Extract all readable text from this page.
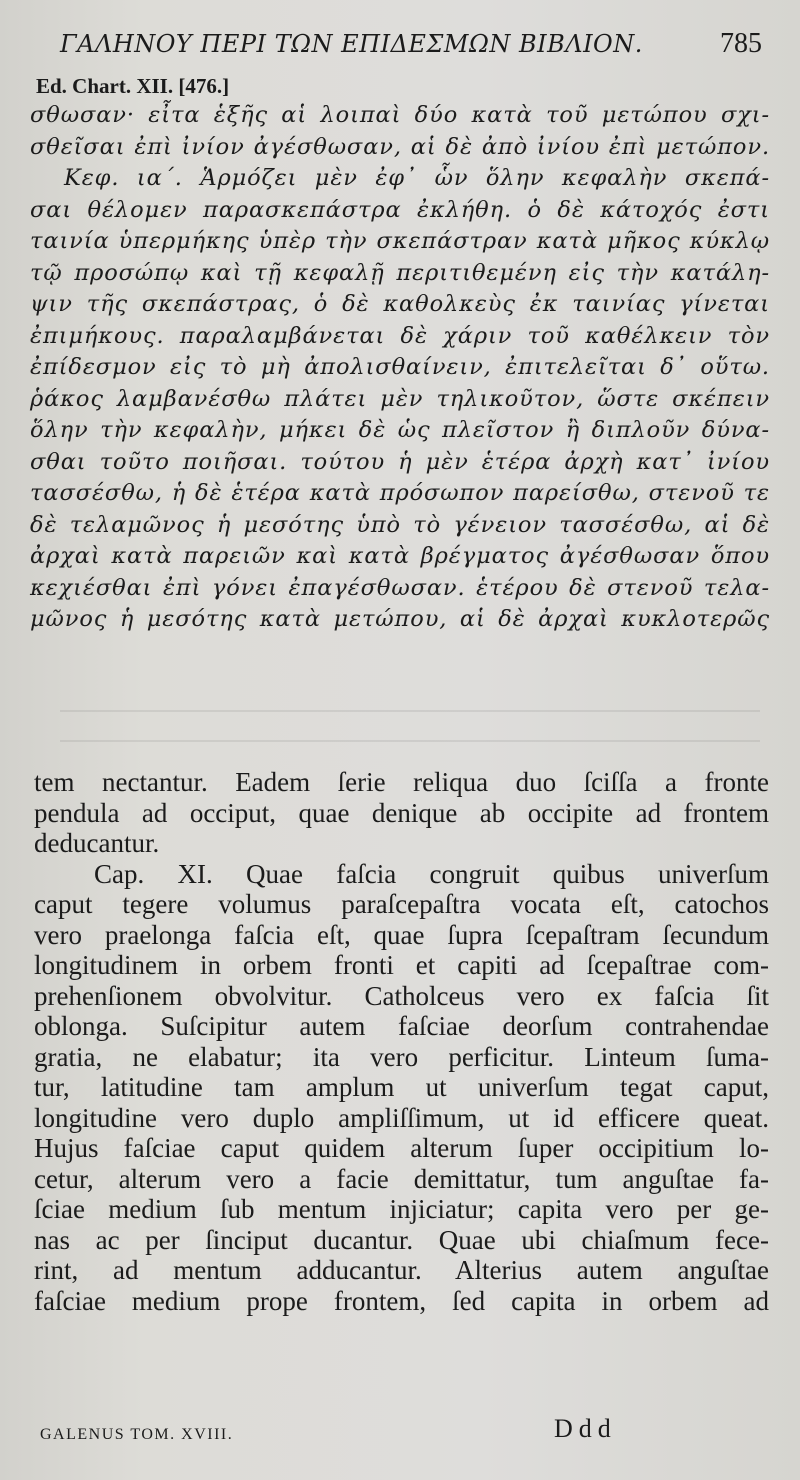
ΓΑΛΗΝΟΥ ΠΕΡΙ ΤΩΝ ΕΠΙΔΕΣΜΩΝ ΒΙΒΛΙΟΝ.	785
Ed. Chart. XII. [476.]
σθωσαν· εἶτα ἑξῆς αἱ λοιπαὶ δύο κατὰ τοῦ μετώπου σχι-
σθεῖσαι ἐπὶ ἰνίον ἀγέσθωσαν, αἱ δὲ ἀπὸ ἰνίου ἐπὶ μετώπον.
Κεφ. ια΄. Ἁρμόζει μὲν ἐφ᾽ ὧν ὅλην κεφαλὴν σκεπά-
σαι θέλομεν παρασκεπάστρα ἐκλήθη. ὁ δὲ κάτοχός ἐστι
ταινία ὑπερμήκης ὑπὲρ τὴν σκεπάστραν κατὰ μῆκος κύκλῳ
τῷ προσώπῳ καὶ τῇ κεφαλῇ περιτιθεμένη εἰς τὴν κατάλη-
ψιν τῆς σκεπάστρας, ὁ δὲ καθολκεὺς ἐκ ταινίας γίνεται
ἐπιμήκους. παραλαμβάνεται δὲ χάριν τοῦ καθέλκειν τὸν
ἐπίδεσμον εἰς τὸ μὴ ἀπολισθαίνειν, ἐπιτελεῖται δ᾽ οὕτω.
ῥάκος λαμβανέσθω πλάτει μὲν τηλικοῦτον, ὥστε σκέπειν
ὅλην τὴν κεφαλὴν, μήκει δὲ ὡς πλεῖστον ἢ διπλοῦν δύνα-
σθαι τοῦτο ποιῆσαι. τούτου ἡ μὲν ἑτέρα ἀρχὴ κατ᾽ ἰνίου
τασσέσθω, ἡ δὲ ἑτέρα κατὰ πρόσωπον παρείσθω, στενοῦ τε
δὲ τελαμῶνος ἡ μεσότης ὑπὸ τὸ γένειον τασσέσθω, αἱ δὲ
ἀρχαὶ κατὰ παρειῶν καὶ κατὰ βρέγματος ἀγέσθωσαν ὅπου
κεχιέσθαι ἐπὶ γόνει ἐπαγέσθωσαν. ἑτέρου δὲ στενοῦ τελα-
μῶνος ἡ μεσότης κατὰ μετώπου, αἱ δὲ ἀρχαὶ κυκλοτερῶς
tem nectantur. Eadem ſerie reliqua duo ſciſſa a fronte
pendula ad occiput, quae denique ab occipite ad frontem
deducantur.
Cap. XI. Quae faſcia congruit quibus univerſum
caput tegere volumus paraſcepaſtra vocata eſt, catochos
vero praelonga faſcia eſt, quae ſupra ſcepaſtram ſecundum
longitudinem in orbem fronti et capiti ad ſcepaſtrae com-
prehenſionem obvolvitur. Catholceus vero ex faſcia ſit
oblonga. Suſcipitur autem faſciae deorſum contrahendae
gratia, ne elabatur; ita vero perficitur. Linteum ſuma-
tur, latitudine tam amplum ut univerſum tegat caput,
longitudine vero duplo ampliſſimum, ut id efficere queat.
Hujus faſciae caput quidem alterum ſuper occipitium lo-
cetur, alterum vero a facie demittatur, tum anguſtae fa-
ſciae medium ſub mentum injiciatur; capita vero per ge-
nas ac per ſinciput ducantur. Quae ubi chiaſmum fece-
rint, ad mentum adducantur. Alterius autem anguſtae
faſciae medium prope frontem, ſed capita in orbem ad
GALENUS TOM. XVIII.	Ddd
